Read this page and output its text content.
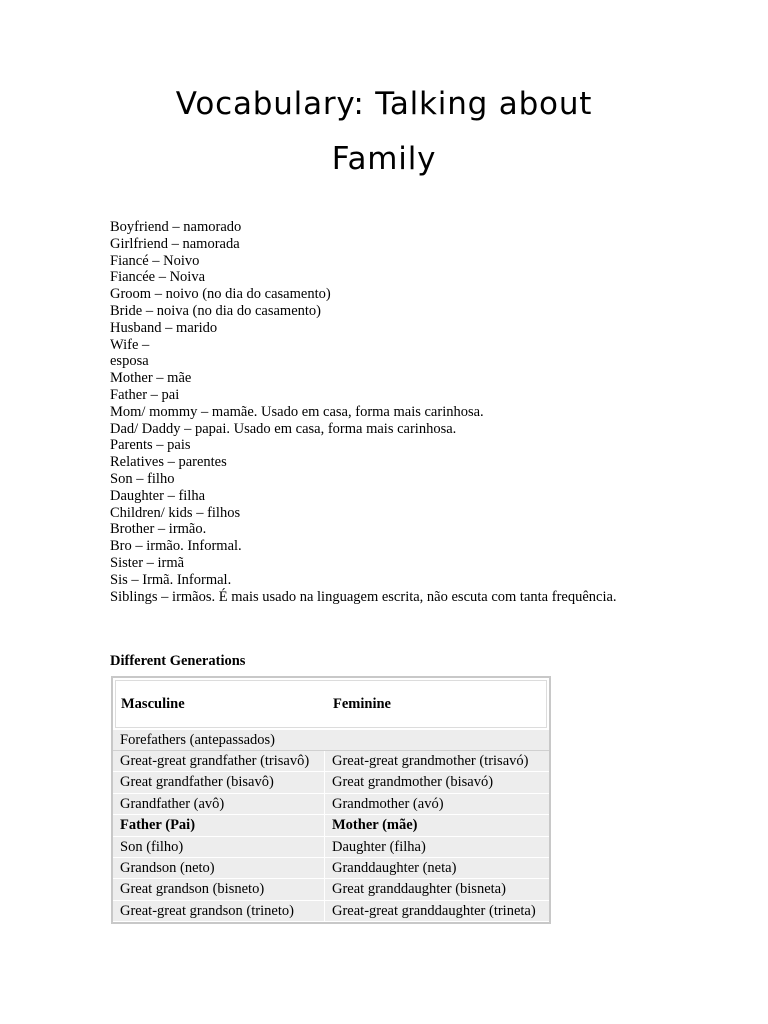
Vocabulary: Talking about
Family
Boyfriend – namorado
Girlfriend – namorada
Fiancé – Noivo
Fiancée – Noiva
Groom – noivo (no dia do casamento)
Bride – noiva (no dia do casamento)
Husband – marido
Wife –
esposa
Mother – mãe
Father – pai
Mom/ mommy – mamãe. Usado em casa, forma mais carinhosa.
Dad/ Daddy – papai. Usado em casa, forma mais carinhosa.
Parents – pais
Relatives – parentes
Son – filho
Daughter – filha
Children/ kids – filhos
Brother – irmão.
Bro – irmão. Informal.
Sister – irmã
Sis – Irmã. Informal.
Siblings – irmãos. É mais usado na linguagem escrita, não escuta com tanta frequência.
Different Generations
Masculine	Feminine
Forefathers (antepassados)
Great-great grandfather (trisavô)	Great-great grandmother (trisavó)
Great grandfather (bisavô)	Great grandmother (bisavó)
Grandfather (avô)	Grandmother (avó)
Father (Pai)	Mother (mãe)
Son (filho)	Daughter (filha)
Grandson (neto)	Granddaughter (neta)
Great grandson (bisneto)	Great granddaughter (bisneta)
Great-great grandson (trineto)	Great-great granddaughter (trineta)
